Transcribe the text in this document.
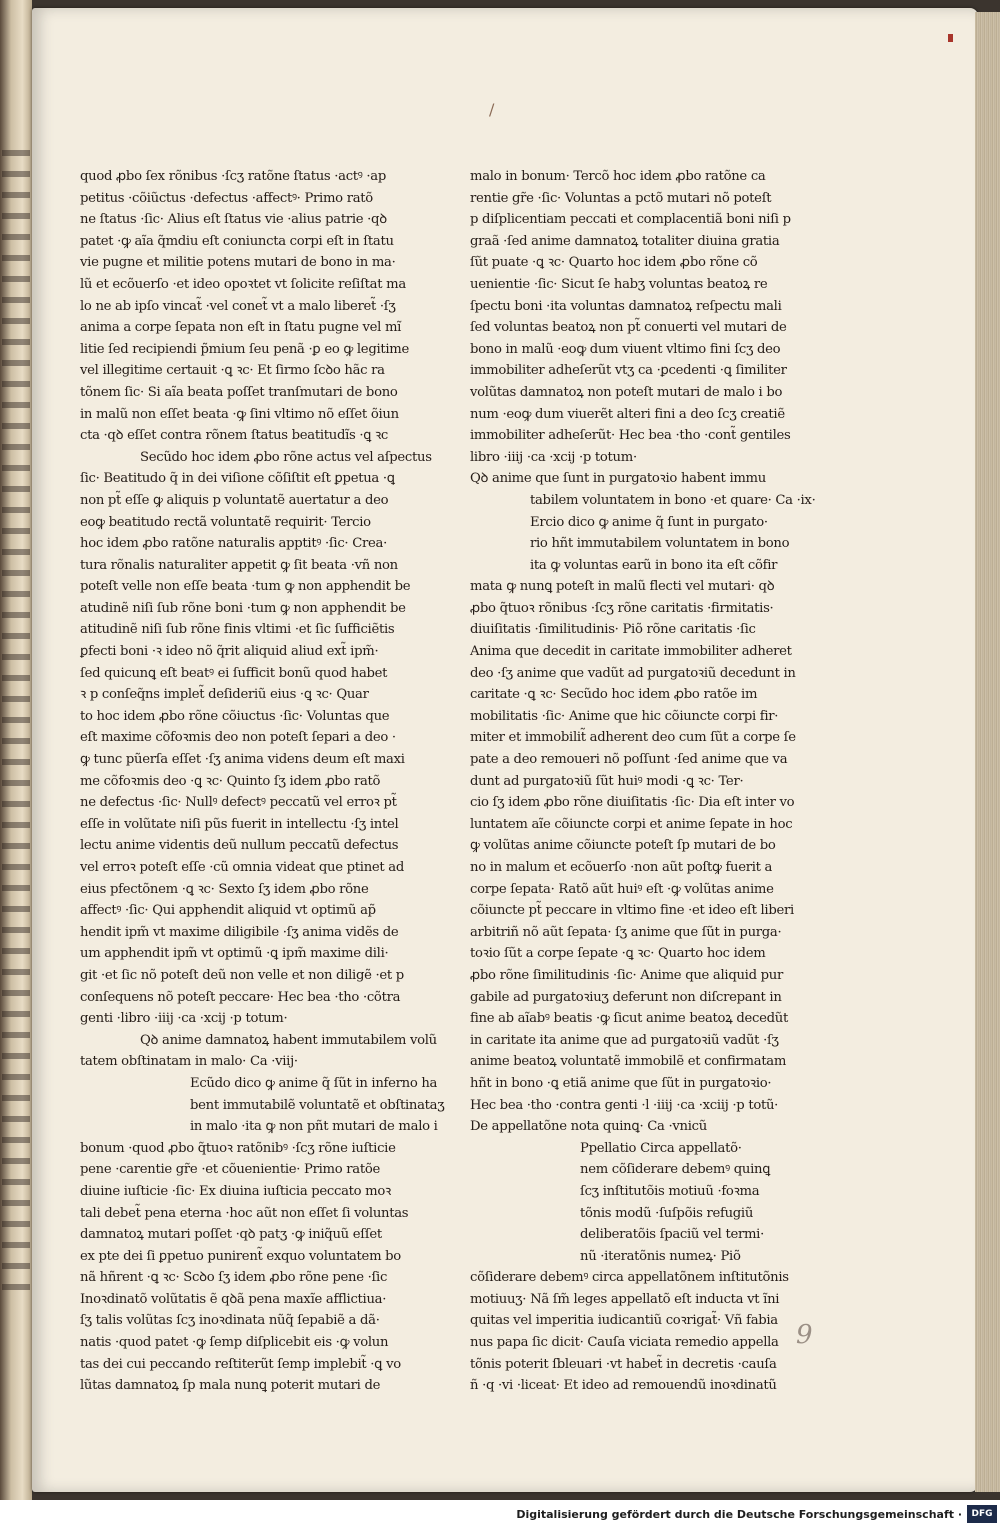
/
quod ꝓbo ſex rõnibus ·ſcʒ ratõne ſtatus ·actꝰ ·ap
petitus ·cõiũctus ·defectus ·affectꝰ· Primo ratõ
ne ſtatus ·ſic· Alius eſt ſtatus vie ·alius patrie ·qꝺ
patet ·ꝙ aĩa q̃mdiu eſt coniuncta corpi eſt in ſtatu
vie pugne et militie potens mutari de bono in ma·
lũ et ecõuerſo ·et ideo opoꝛtet vt ſolicite reſiſtat ma
lo ne ab ipſo vincat̃ ·vel conet̃ vt a malo liberet̃ ·ſʒ
anima a corpe ſepata non eſt in ſtatu pugne vel mĩ
litie ſed recipiendi p̃mium ſeu penã ·ꝑ eo ꝙ legitime
vel illegitime certauit ·ꝗ ꝛc· Et ſirmo ſcꝺo hãc ra
tõnem ſic· Si aĩa beata poſſet tranſmutari de bono
in malũ non eſſet beata ·ꝙ ſini vltimo nõ eſſet õiun
cta ·qꝺ eſſet contra rõnem ſtatus beatitudĩs ·ꝗ ꝛc
Secũdo hoc idem ꝓbo rõne actus vel aſpectus
ſic· Beatitudo q̃ in dei viſione cõſiſtit eſt ꝑpetua ·ꝗ
non pt̃ eſſe ꝙ aliquis p voluntatẽ auertatur a deo
eoꝙ beatitudo rectã voluntatẽ requirit· Tercio
hoc idem ꝓbo ratõne naturalis apptitꝰ ·ſic· Crea·
tura rõnalis naturaliter appetit ꝙ ſit beata ·vñ non
poteſt velle non eſſe beata ·tum ꝙ non apphendit be
atudinẽ niſi ſub rõne boni ·tum ꝙ non apphendit be
atitudinẽ niſi ſub rõne finis vltimi ·et ſic ſufficiẽtis
ꝑfecti boni ·ꝛ ideo nõ q̃rit aliquid aliud ext̃ ipm̃·
ſed quicunꝗ eſt beatꝰ ei ſufficit bonũ quod habet
ꝛ p conſeq̃ns implet̃ deſideriũ eius ·ꝗ ꝛc· Quar
to hoc idem ꝓbo rõne cõiuctus ·ſic· Voluntas que
eſt maxime cõfoꝛmis deo non poteſt ſepari a deo ·
ꝙ tunc pũerſa eſſet ·ſʒ anima videns deum eſt maxi
me cõfoꝛmis deo ·ꝗ ꝛc· Quinto ſʒ idem ꝓbo ratõ
ne defectus ·ſic· Nullꝰ defectꝰ peccatũ vel erroꝛ pt̃
eſſe in volũtate niſi pũs fuerit in intellectu ·ſʒ intel
lectu anime videntis deũ nullum peccatũ defectus
vel erroꝛ poteſt eſſe ·cũ omnia videat que ptinet ad
eius pfectõnem ·ꝗ ꝛc· Sexto ſʒ idem ꝓbo rõne
affectꝰ ·ſic· Qui apphendit aliquid vt optimũ ap̃
hendit ipm̃ vt maxime diligibile ·ſʒ anima vidẽs de
um apphendit ipm̃ vt optimũ ·ꝗ ipm̃ maxime dili·
git ·et ſic nõ poteſt deũ non velle et non diligẽ ·et p
conſequens nõ poteſt peccare· Hec bea ·tho ·cõtra
genti ·libro ·iiij ·ca ·xcij ·p totum·
Qꝺ anime damnatoꝝ habent immutabilem volũ
tatem obſtinatam in malo· Ca ·viij·
Ecũdo dico ꝙ anime q̃ ſũt in inferno ha
bent immutabilẽ voluntatẽ et obſtinataʒ
in malo ·ita ꝙ non pñt mutari de malo i
bonum ·quod ꝓbo q̃tuoꝛ ratõnibꝰ ·ſcʒ rõne iuſticie
pene ·carentie gr̃e ·et cõuenientie· Primo ratõe
diuine iuſticie ·ſic· Ex diuina iuſticia peccato moꝛ
tali debet̃ pena eterna ·hoc aũt non eſſet ſi voluntas
damnatoꝝ mutari poſſet ·qꝺ patʒ ·ꝙ iniq̃uũ eſſet
ex pte dei ſi ꝑpetuo punirent̃ exquo voluntatem bo
nã hñrent ·ꝗ ꝛc· Scꝺo ſʒ idem ꝓbo rõne pene ·ſic
Inoꝛdinatõ volũtatis ẽ qꝺã pena maxĩe afflictiua·
ſʒ talis volũtas ſcʒ inoꝛdinata nũq̃ ſepabiẽ a dã·
natis ·quod patet ·ꝙ ſemp diſplicebit eis ·ꝙ volun
tas dei cui peccando reſtiterũt ſemp implebit̃ ·ꝗ vo
lũtas damnatoꝝ ſp mala nunꝗ poterit mutari de
malo in bonum· Tercõ hoc idem ꝓbo ratõne ca
rentie gr̃e ·ſic· Voluntas a pctõ mutari nõ poteſt
p diſplicentiam peccati et complacentiã boni niſi p
graã ·ſed anime damnatoꝝ totaliter diuina gratia
ſũt puate ·ꝗ ꝛc· Quarto hoc idem ꝓbo rõne cõ
uenientie ·ſic· Sicut ſe habʒ voluntas beatoꝝ re
ſpectu boni ·ita voluntas damnatoꝝ reſpectu mali
ſed voluntas beatoꝝ non pt̃ conuerti vel mutari de
bono in malũ ·eoꝙ dum viuent vltimo fini ſcʒ deo
immobiliter adheſerũt vtʒ ca ·ꝑcedenti ·ꝗ ſimiliter
volũtas damnatoꝝ non poteſt mutari de malo i bo
num ·eoꝙ dum viuerẽt alteri fini a deo ſcʒ creatiẽ
immobiliter adheſerũt· Hec bea ·tho ·cont̃ gentiles
libro ·iiij ·ca ·xcij ·p totum·
Qꝺ anime que ſunt in purgatoꝛio habent immu
tabilem voluntatem in bono ·et quare· Ca ·ix·
Ercio dico ꝙ anime q̃ ſunt in purgato·
rio hñt immutabilem voluntatem in bono
ita ꝙ voluntas earũ in bono ita eſt cõfir
mata ꝙ nunꝗ poteſt in malũ flecti vel mutari· qꝺ
ꝓbo q̃tuoꝛ rõnibus ·ſcʒ rõne caritatis ·firmitatis·
diuiſitatis ·ſimilitudinis· Piõ rõne caritatis ·ſic
Anima que decedit in caritate immobiliter adheret
deo ·ſʒ anime que vadũt ad purgatoꝛiũ decedunt in
caritate ·ꝗ ꝛc· Secũdo hoc idem ꝓbo ratõe im
mobilitatis ·ſic· Anime que hic cõiuncte corpi fir·
miter et immobilit̃ adherent deo cum ſũt a corpe ſe
pate a deo remoueri nõ poſſunt ·ſed anime que va
dunt ad purgatoꝛiũ ſũt huiꝰ modi ·ꝗ ꝛc· Ter·
cio ſʒ idem ꝓbo rõne diuiſitatis ·ſic· Dia eſt inter vo
luntatem aĩe cõiuncte corpi et anime ſepate in hoc
ꝙ volũtas anime cõiuncte poteſt ſp mutari de bo
no in malum et ecõuerſo ·non aũt poſtꝙ fuerit a
corpe ſepata· Ratõ aũt huiꝰ eſt ·ꝙ volũtas anime
cõiuncte pt̃ peccare in vltimo fine ·et ideo eſt liberi
arbitriñ nõ aũt ſepata· ſʒ anime que ſũt in purga·
toꝛio ſũt a corpe ſepate ·ꝗ ꝛc· Quarto hoc idem
ꝓbo rõne ſimilitudinis ·ſic· Anime que aliquid pur
gabile ad purgatoꝛiuʒ deferunt non diſcrepant in
fine ab aĩabꝰ beatis ·ꝙ ſicut anime beatoꝝ decedũt
in caritate ita anime que ad purgatoꝛiũ vadũt ·ſʒ
anime beatoꝝ voluntatẽ immobilẽ et confirmatam
hñt in bono ·ꝗ etiã anime que ſũt in purgatoꝛio·
Hec bea ·tho ·contra genti ·l ·iiij ·ca ·xciij ·p totũ·
De appellatõne nota quinꝗ· Ca ·vnicũ
Ppellatio Circa appellatõ·
nem cõſiderare debemꝰ quinꝗ
ſcʒ inſtitutõis motiuũ ·foꝛma
tõnis modũ ·ſuſpõis refugiũ
deliberatõis ſpaciũ vel termi·
nũ ·iteratõnis numeꝝ· Piõ
cõſiderare debemꝰ circa appellatõnem inſtitutõnis
motiuuʒ· Nã ſm̃ leges appellatõ eſt inducta vt ĩni
quitas vel imperitia iudicantiũ coꝛrigat̃· Vñ fabia
nus papa ſic dicit· Cauſa viciata remedio appella
tõnis poterit ſbleuari ·vt habet̃ in decretis ·cauſa
ñ ·q ·vi ·liceat· Et ideo ad remouendũ inoꝛdinatũ
9
Digitalisierung gefördert durch die Deutsche Forschungsgemeinschaft ·	DFG
